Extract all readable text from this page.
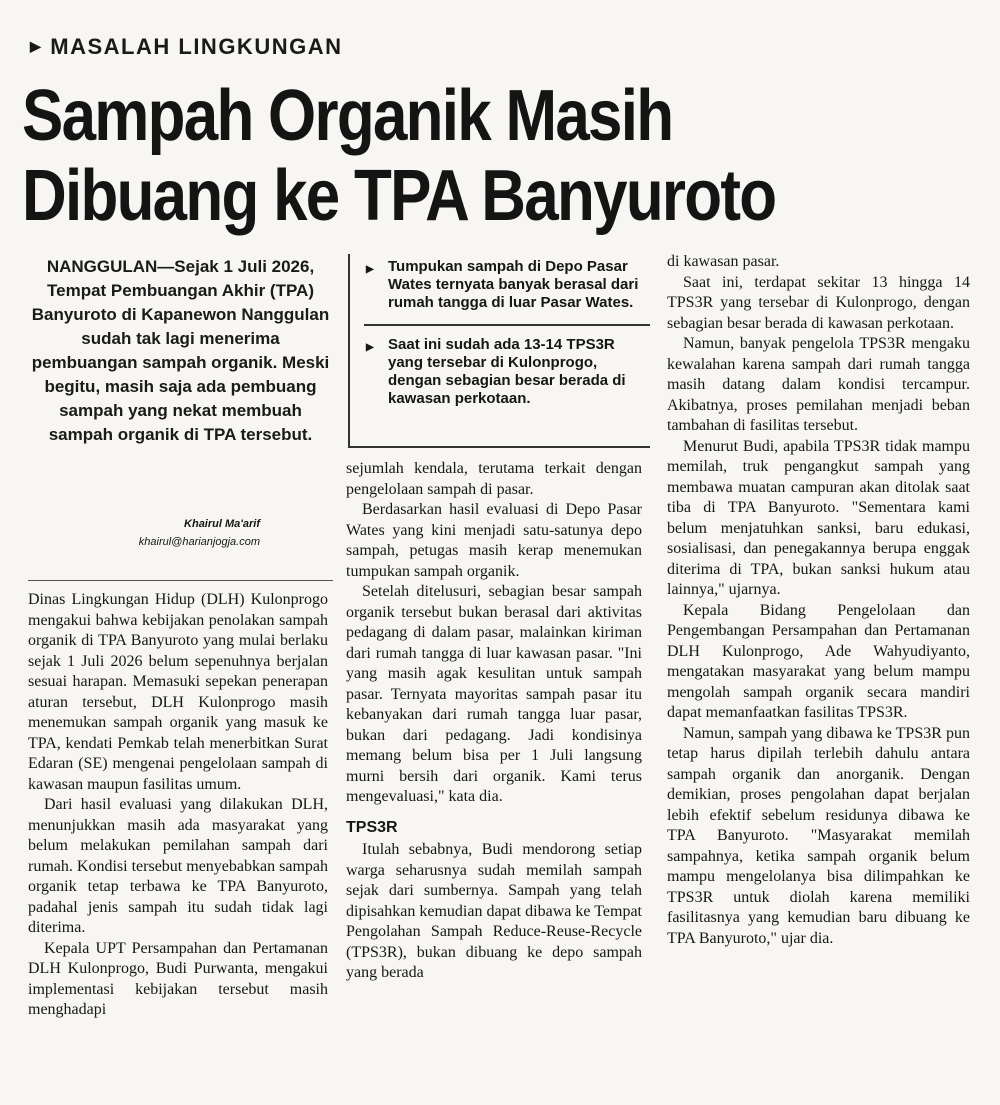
▶ MASALAH LINGKUNGAN
Sampah Organik Masih
Dibuang ke TPA Banyuroto
NANGGULAN—Sejak 1 Juli 2026, Tempat Pembuangan Akhir (TPA) Banyuroto di Kapanewon Nanggulan sudah tak lagi menerima pembuangan sampah organik. Meski begitu, masih saja ada pembuang sampah yang nekat membuah sampah organik di TPA tersebut.
Khairul Ma'arif
khairul@harianjogja.com

Dinas Lingkungan Hidup (DLH) Kulonprogo mengakui bahwa kebijakan penolakan sampah organik di TPA Banyuroto yang mulai berlaku sejak 1 Juli 2026 belum sepenuhnya berjalan sesuai harapan. Memasuki sepekan penerapan aturan tersebut, DLH Kulonprogo masih menemukan sampah organik yang masuk ke TPA, kendati Pemkab telah menerbitkan Surat Edaran (SE) mengenai pengelolaan sampah di kawasan maupun fasilitas umum.

Dari hasil evaluasi yang dilakukan DLH, menunjukkan masih ada masyarakat yang belum melakukan pemilahan sampah dari rumah. Kondisi tersebut menyebabkan sampah organik tetap terbawa ke TPA Banyuroto, padahal jenis sampah itu sudah tidak lagi diterima.

Kepala UPT Persampahan dan Pertamanan DLH Kulonprogo, Budi Purwanta, mengakui implementasi kebijakan tersebut masih menghadapi

▶ Tumpukan sampah di Depo Pasar Wates ternyata banyak berasal dari rumah tangga di luar Pasar Wates.
▶ Saat ini sudah ada 13-14 TPS3R yang tersebar di Kulonprogo, dengan sebagian besar berada di kawasan perkotaan.

sejumlah kendala, terutama terkait dengan pengelolaan sampah di pasar.

Berdasarkan hasil evaluasi di Depo Pasar Wates yang kini menjadi satu-satunya depo sampah, petugas masih kerap menemukan tumpukan sampah organik.

Setelah ditelusuri, sebagian besar sampah organik tersebut bukan berasal dari aktivitas pedagang di dalam pasar, malainkan kiriman dari rumah tangga di luar kawasan pasar. "Ini yang masih agak kesulitan untuk sampah pasar. Ternyata mayoritas sampah pasar itu kebanyakan dari rumah tangga luar pasar, bukan dari pedagang. Jadi kondisinya memang belum bisa per 1 Juli langsung murni bersih dari organik. Kami terus mengevaluasi," kata dia.

TPS3R

Itulah sebabnya, Budi mendorong setiap warga seharusnya sudah memilah sampah sejak dari sumbernya. Sampah yang telah dipisahkan kemudian dapat dibawa ke Tempat Pengolahan Sampah Reduce-Reuse-Recycle (TPS3R), bukan dibuang ke depo sampah yang berada

di kawasan pasar.

Saat ini, terdapat sekitar 13 hingga 14 TPS3R yang tersebar di Kulonprogo, dengan sebagian besar berada di kawasan perkotaan.

Namun, banyak pengelola TPS3R mengaku kewalahan karena sampah dari rumah tangga masih datang dalam kondisi tercampur. Akibatnya, proses pemilahan menjadi beban tambahan di fasilitas tersebut.

Menurut Budi, apabila TPS3R tidak mampu memilah, truk pengangkut sampah yang membawa muatan campuran akan ditolak saat tiba di TPA Banyuroto. "Sementara kami belum menjatuhkan sanksi, baru edukasi, sosialisasi, dan penegakannya berupa enggak diterima di TPA, bukan sanksi hukum atau lainnya," ujarnya.

Kepala Bidang Pengelolaan dan Pengembangan Persampahan dan Pertamanan DLH Kulonprogo, Ade Wahyudiyanto, mengatakan masyarakat yang belum mampu mengolah sampah organik secara mandiri dapat memanfaatkan fasilitas TPS3R.

Namun, sampah yang dibawa ke TPS3R pun tetap harus dipilah terlebih dahulu antara sampah organik dan anorganik. Dengan demikian, proses pengolahan dapat berjalan lebih efektif sebelum residunya dibawa ke TPA Banyuroto. "Masyarakat memilah sampahnya, ketika sampah organik belum mampu mengelolanya bisa dilimpahkan ke TPS3R untuk diolah karena memiliki fasilitasnya yang kemudian baru dibuang ke TPA Banyuroto," ujar dia.
